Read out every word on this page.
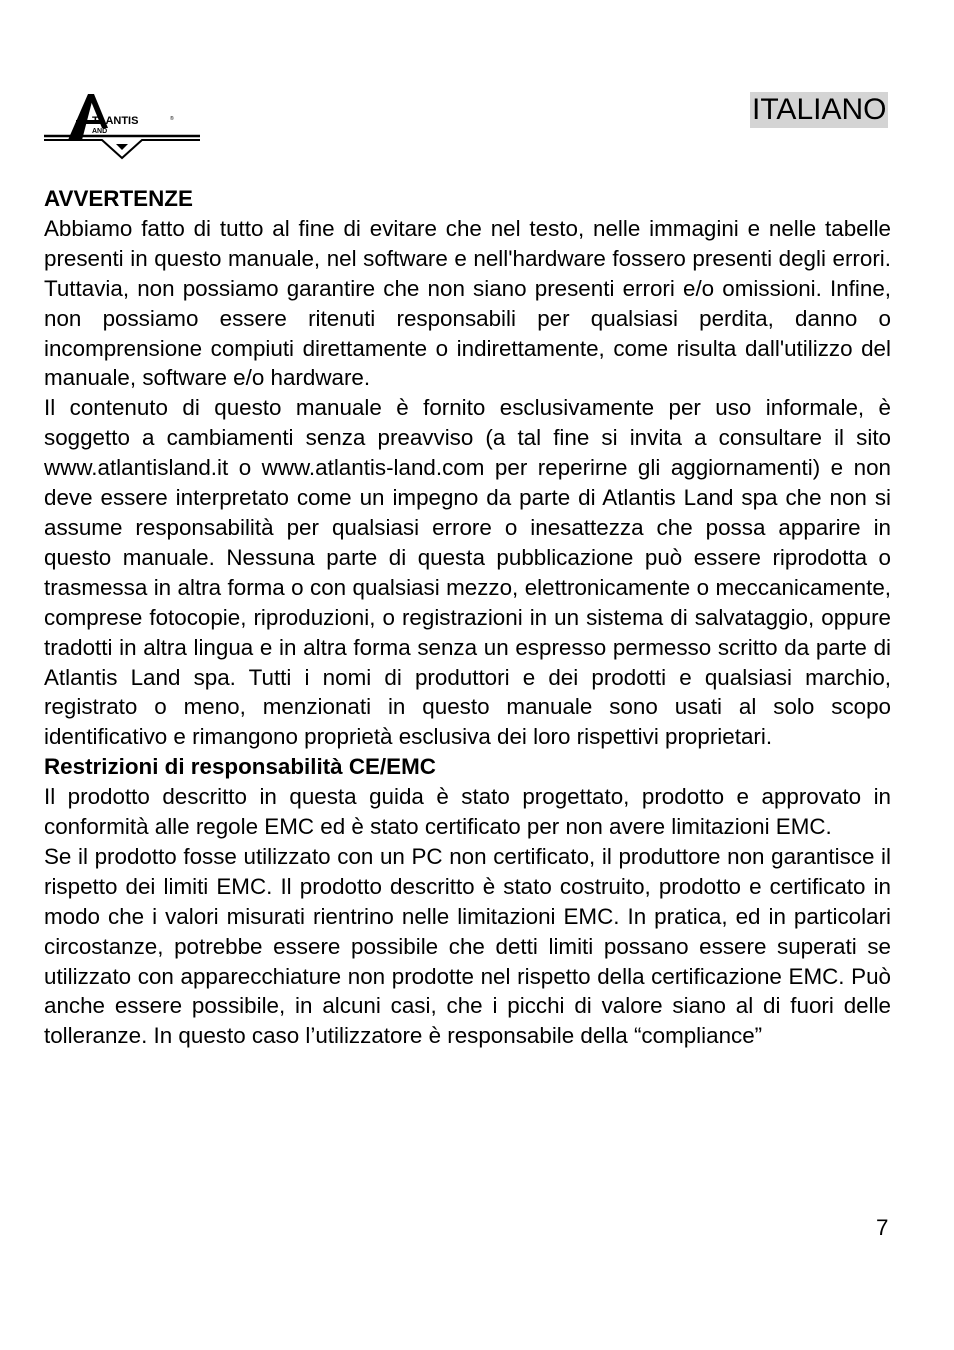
TLANTIS	®
AND
ITALIANO
AVVERTENZE

Abbiamo fatto di tutto al fine di evitare che nel testo, nelle immagini e nelle tabelle presenti in questo manuale, nel software e nell'hardware fossero presenti degli errori. Tuttavia, non possiamo garantire che non siano presenti errori e/o omissioni. Infine, non possiamo essere ritenuti responsabili per qualsiasi perdita, danno o incomprensione compiuti direttamente o indirettamente, come risulta dall'utilizzo del manuale, software e/o hardware.

Il contenuto di questo manuale è fornito esclusivamente per uso informale, è soggetto a cambiamenti senza preavviso (a tal fine si invita a consultare il sito www.atlantisland.it o www.atlantis-land.com per reperirne gli aggiornamenti) e non deve essere interpretato come un impegno da parte di Atlantis Land spa che non si assume responsabilità per qualsiasi errore o inesattezza che possa apparire in questo manuale. Nessuna parte di questa pubblicazione può essere riprodotta o trasmessa in altra forma o con qualsiasi mezzo, elettronicamente o meccanicamente, comprese fotocopie, riproduzioni, o registrazioni in un sistema di salvataggio, oppure tradotti in altra lingua e in altra forma senza un espresso permesso scritto da parte di Atlantis Land spa. Tutti i nomi di produttori e dei prodotti e qualsiasi marchio, registrato o meno, menzionati in questo manuale sono usati al solo scopo identificativo e rimangono proprietà esclusiva dei loro rispettivi proprietari.

Restrizioni di responsabilità CE/EMC

Il prodotto descritto in questa guida è stato progettato, prodotto e approvato in conformità alle regole EMC ed è stato certificato per non avere limitazioni EMC.

Se il prodotto fosse utilizzato con un PC non certificato, il produttore non garantisce il rispetto dei limiti EMC. Il prodotto descritto è stato costruito, prodotto e certificato in modo che i valori misurati rientrino nelle limitazioni EMC. In pratica, ed in particolari circostanze, potrebbe essere possibile che detti limiti possano essere superati se utilizzato con apparecchiature non prodotte nel rispetto della certificazione EMC. Può anche essere possibile, in alcuni casi, che i picchi di valore siano al di fuori delle tolleranze. In questo caso l’utilizzatore è responsabile della “compliance”

7
